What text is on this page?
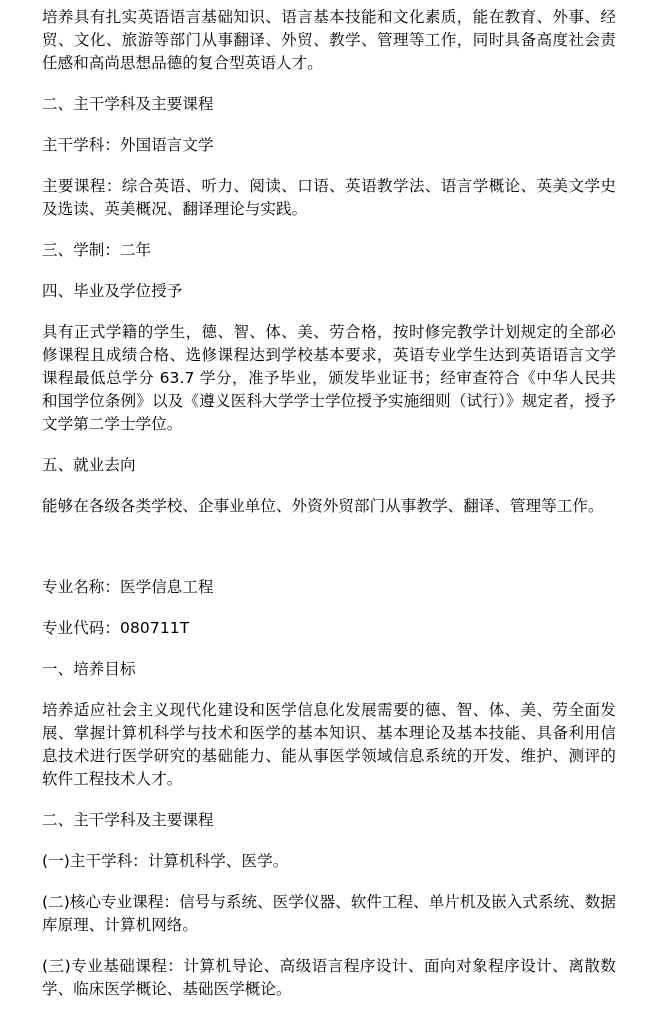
培养具有扎实英语语言基础知识、语言基本技能和文化素质，能在教育、外事、经贸、文化、旅游等部门从事翻译、外贸、教学、管理等工作，同时具备高度社会责任感和高尚思想品德的复合型英语人才。

二、主干学科及主要课程

主干学科：外国语言文学

主要课程：综合英语、听力、阅读、口语、英语教学法、语言学概论、英美文学史及选读、英美概况、翻译理论与实践。

三、学制：二年

四、毕业及学位授予

具有正式学籍的学生，德、智、体、美、劳合格，按时修完教学计划规定的全部必修课程且成绩合格、选修课程达到学校基本要求，英语专业学生达到英语语言文学课程最低总学分 63.7 学分，准予毕业，颁发毕业证书；经审查符合《中华人民共和国学位条例》以及《遵义医科大学学士学位授予实施细则（试行）》规定者，授予文学第二学士学位。

五、就业去向

能够在各级各类学校、企事业单位、外资外贸部门从事教学、翻译、管理等工作。

专业名称：医学信息工程

专业代码：080711T

一、培养目标

培养适应社会主义现代化建设和医学信息化发展需要的德、智、体、美、劳全面发展、掌握计算机科学与技术和医学的基本知识、基本理论及基本技能、具备利用信息技术进行医学研究的基础能力、能从事医学领域信息系统的开发、维护、测评的软件工程技术人才。

二、主干学科及主要课程

(一)主干学科：计算机科学、医学。

(二)核心专业课程：信号与系统、医学仪器、软件工程、单片机及嵌入式系统、数据库原理、计算机网络。

(三)专业基础课程：计算机导论、高级语言程序设计、面向对象程序设计、离散数学、临床医学概论、基础医学概论。
